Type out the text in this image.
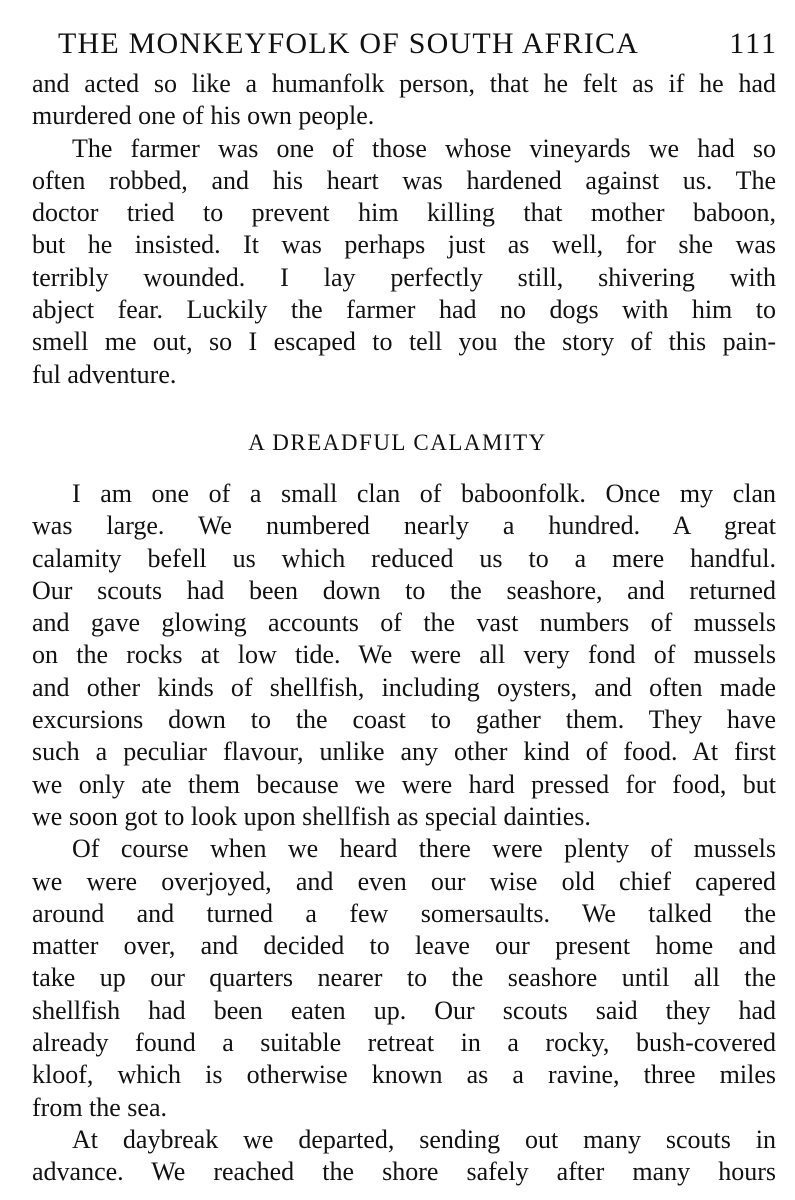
THE MONKEYFOLK OF SOUTH AFRICA	111

and acted so like a humanfolk person, that he felt as if he had
murdered one of his own people.

The farmer was one of those whose vineyards we had so
often robbed, and his heart was hardened against us. The
doctor tried to prevent him killing that mother baboon,
but he insisted. It was perhaps just as well, for she was
terribly wounded. I lay perfectly still, shivering with
abject fear. Luckily the farmer had no dogs with him to
smell me out, so I escaped to tell you the story of this pain-
ful adventure.

A DREADFUL CALAMITY

I am one of a small clan of baboonfolk. Once my clan
was large. We numbered nearly a hundred. A great
calamity befell us which reduced us to a mere handful.
Our scouts had been down to the seashore, and returned
and gave glowing accounts of the vast numbers of mussels
on the rocks at low tide. We were all very fond of mussels
and other kinds of shellfish, including oysters, and often made
excursions down to the coast to gather them. They have
such a peculiar flavour, unlike any other kind of food. At first
we only ate them because we were hard pressed for food, but
we soon got to look upon shellfish as special dainties.

Of course when we heard there were plenty of mussels
we were overjoyed, and even our wise old chief capered
around and turned a few somersaults. We talked the
matter over, and decided to leave our present home and
take up our quarters nearer to the seashore until all the
shellfish had been eaten up. Our scouts said they had
already found a suitable retreat in a rocky, bush-covered
kloof, which is otherwise known as a ravine, three miles
from the sea.

At daybreak we departed, sending out many scouts in
advance. We reached the shore safely after many hours
